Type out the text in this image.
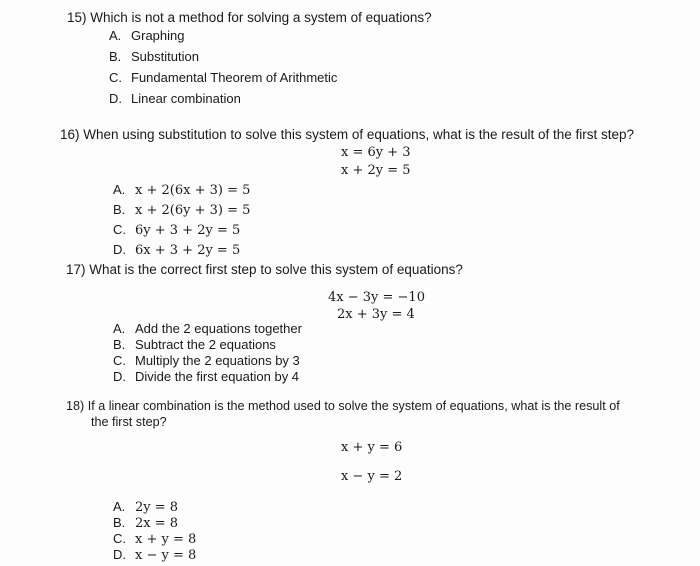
15) Which is not a method for solving a system of equations?
A. Graphing
B. Substitution
C. Fundamental Theorem of Arithmetic
D. Linear combination
16) When using substitution to solve this system of equations, what is the result of the first step?
x = 6y + 3
x + 2y = 5
A. x + 2(6x + 3) = 5
B. x + 2(6y + 3) = 5
C. 6y + 3 + 2y = 5
D. 6x + 3 + 2y = 5
17) What is the correct first step to solve this system of equations?
4x − 3y = −10
2x + 3y = 4
A. Add the 2 equations together
B. Subtract the 2 equations
C. Multiply the 2 equations by 3
D. Divide the first equation by 4
18) If a linear combination is the method used to solve the system of equations, what is the result of
the first step?
x + y = 6
x − y = 2
A. 2y = 8
B. 2x = 8
C. x + y = 8
D. x − y = 8
